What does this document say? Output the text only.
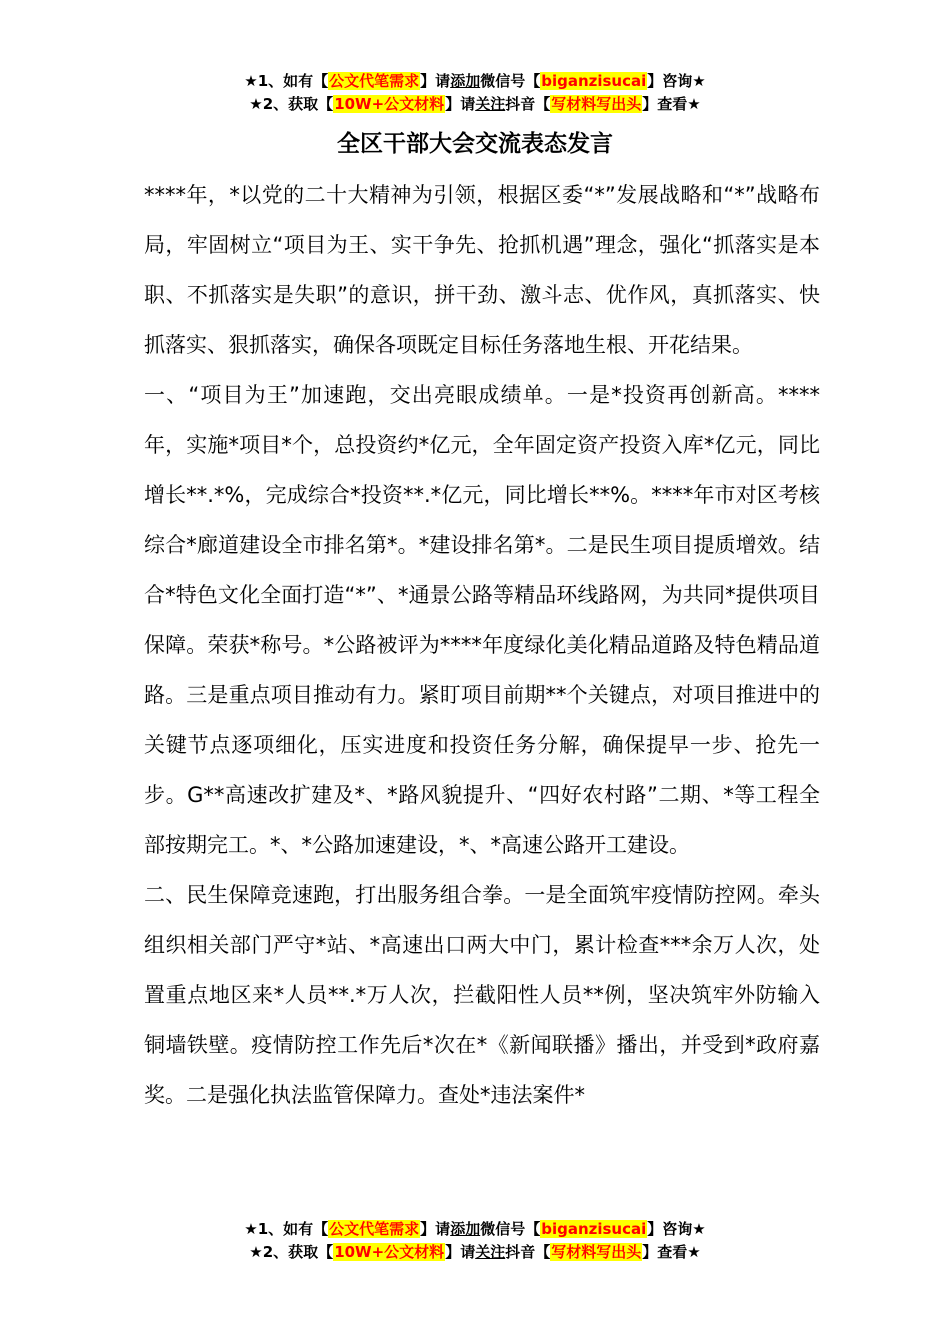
★1、如有【公文代笔需求】请添加微信号【biganzisucai】咨询★
★2、获取【10W+公文材料】请关注抖音【写材料写出头】查看★
全区干部大会交流表态发言

****年，*以党的二十大精神为引领，根据区委“*”发展战略和“*”战略布局，牢固树立“项目为王、实干争先、抢抓机遇”理念，强化“抓落实是本职、不抓落实是失职”的意识，拼干劲、激斗志、优作风，真抓落实、快抓落实、狠抓落实，确保各项既定目标任务落地生根、开花结果。

一、“项目为王”加速跑，交出亮眼成绩单。一是*投资再创新高。****年，实施*项目*个，总投资约*亿元，全年固定资产投资入库*亿元，同比增长**.*%，完成综合*投资**.*亿元，同比增长**%。****年市对区考核综合*廊道建设全市排名第*。*建设排名第*。二是民生项目提质增效。结合*特色文化全面打造“*”、*通景公路等精品环线路网，为共同*提供项目保障。荣获*称号。*公路被评为****年度绿化美化精品道路及特色精品道路。三是重点项目推动有力。紧盯项目前期**个关键点，对项目推进中的关键节点逐项细化，压实进度和投资任务分解，确保提早一步、抢先一步。G**高速改扩建及*、*路风貌提升、“四好农村路”二期、*等工程全部按期完工。*、*公路加速建设，*、*高速公路开工建设。

二、民生保障竞速跑，打出服务组合拳。一是全面筑牢疫情防控网。牵头组织相关部门严守*站、*高速出口两大中门，累计检查***余万人次，处置重点地区来*人员**.*万人次，拦截阳性人员**例，坚决筑牢外防输入铜墙铁壁。疫情防控工作先后*次在*《新闻联播》播出，并受到*政府嘉奖。二是强化执法监管保障力。查处*违法案件*

★1、如有【公文代笔需求】请添加微信号【biganzisucai】咨询★
★2、获取【10W+公文材料】请关注抖音【写材料写出头】查看★
